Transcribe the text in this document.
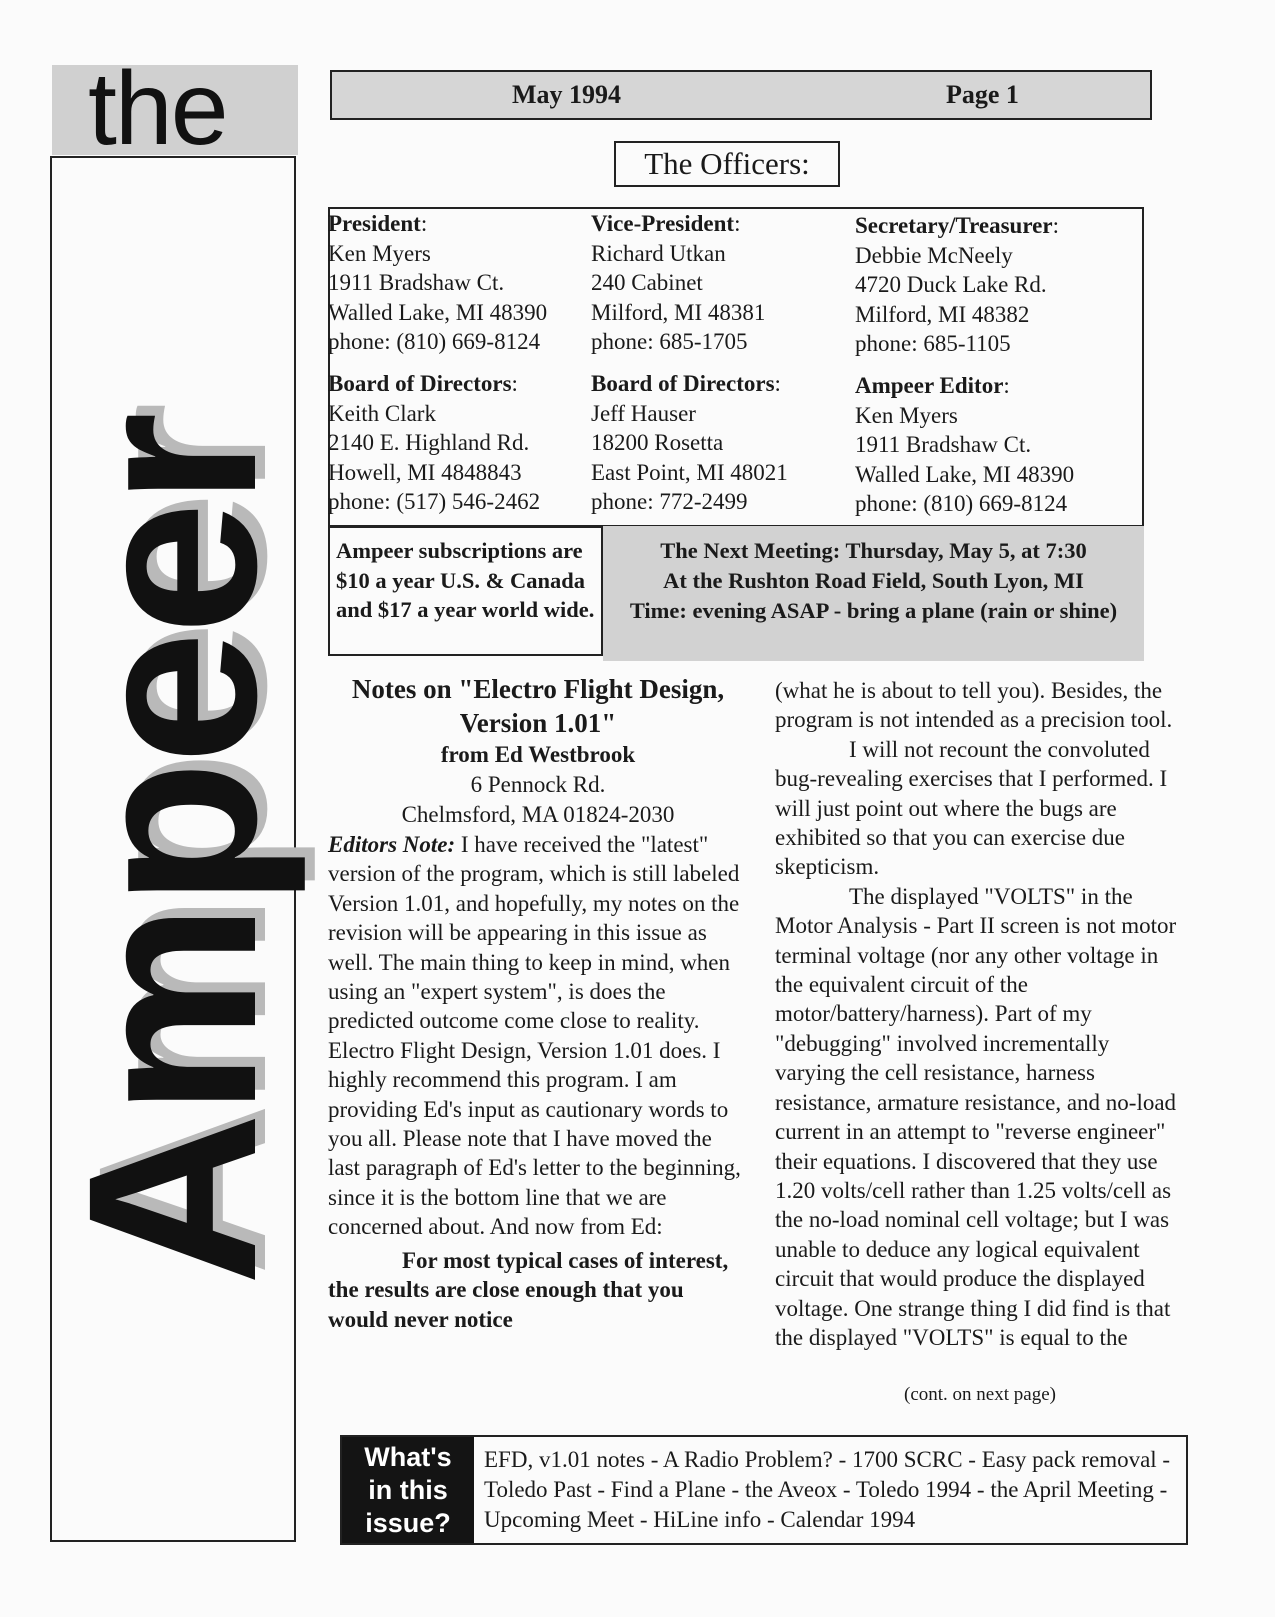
the
Ampeer
May 1994	Page 1
The Officers:
President:
Ken Myers
1911 Bradshaw Ct.
Walled Lake, MI 48390
phone: (810) 669-8124
Vice-President:
Richard Utkan
240 Cabinet
Milford, MI 48381
phone: 685-1705
Secretary/Treasurer:
Debbie McNeely
4720 Duck Lake Rd.
Milford, MI 48382
phone: 685-1105
Board of Directors:
Keith Clark
2140 E. Highland Rd.
Howell, MI 4848843
phone: (517) 546-2462
Board of Directors:
Jeff Hauser
18200 Rosetta
East Point, MI 48021
phone: 772-2499
Ampeer Editor:
Ken Myers
1911 Bradshaw Ct.
Walled Lake, MI 48390
phone: (810) 669-8124
Ampeer subscriptions are $10 a year U.S. & Canada and $17 a year world wide.
The Next Meeting: Thursday, May 5, at 7:30
At the Rushton Road Field, South Lyon, MI
Time: evening ASAP - bring a plane (rain or shine)

Notes on "Electro Flight Design, Version 1.01"

from Ed Westbrook

6 Pennock Rd.

Chelmsford, MA 01824-2030

Editors Note: I have received the "latest" version of the program, which is still labeled Version 1.01, and hopefully, my notes on the revision will be appearing in this issue as well. The main thing to keep in mind, when using an "expert system", is does the predicted outcome come close to reality. Electro Flight Design, Version 1.01 does. I highly recommend this program. I am providing Ed's input as cautionary words to you all. Please note that I have moved the last paragraph of Ed's letter to the beginning, since it is the bottom line that we are concerned about. And now from Ed:

For most typical cases of interest, the results are close enough that you would never notice

(what he is about to tell you). Besides, the program is not intended as a precision tool.

I will not recount the convoluted bug-revealing exercises that I performed. I will just point out where the bugs are exhibited so that you can exercise due skepticism.

The displayed "VOLTS" in the Motor Analysis - Part II screen is not motor terminal voltage (nor any other voltage in the equivalent circuit of the motor/battery/harness). Part of my "debugging" involved incrementally varying the cell resistance, harness resistance, armature resistance, and no-load current in an attempt to "reverse engineer" their equations. I discovered that they use 1.20 volts/cell rather than 1.25 volts/cell as the no-load nominal cell voltage; but I was unable to deduce any logical equivalent circuit that would produce the displayed voltage. One strange thing I did find is that the displayed "VOLTS" is equal to the

(cont. on next page)
What's
in this
issue?
EFD, v1.01 notes - A Radio Problem? - 1700 SCRC - Easy pack removal - Toledo Past - Find a Plane - the Aveox - Toledo 1994 - the April Meeting - Upcoming Meet - HiLine info - Calendar 1994
